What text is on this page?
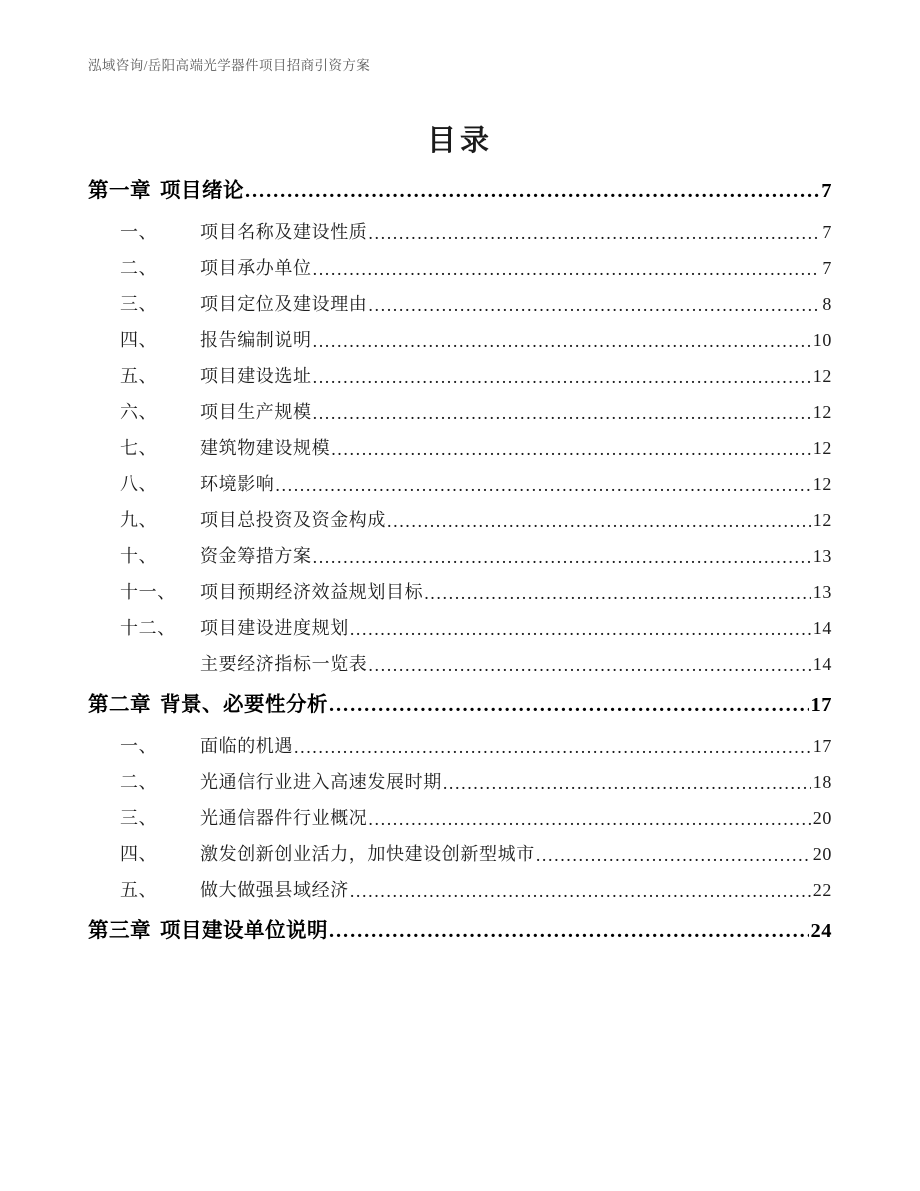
泓域咨询/岳阳高端光学器件项目招商引资方案
目录
第一章 项目绪论 .....	7
一、	项目名称及建设性质 .....	7
二、	项目承办单位 .....	7
三、	项目定位及建设理由 .....	8
四、	报告编制说明 .....	10
五、	项目建设选址 .....	12
六、	项目生产规模 .....	12
七、	建筑物建设规模 .....	12
八、	环境影响 .....	12
九、	项目总投资及资金构成 .....	12
十、	资金筹措方案 .....	13
十一、	项目预期经济效益规划目标 .....	13
十二、	项目建设进度规划 .....	14
主要经济指标一览表 .....	14
第二章 背景、必要性分析 .....	17
一、	面临的机遇 .....	17
二、	光通信行业进入高速发展时期 .....	18
三、	光通信器件行业概况 .....	20
四、	激发创新创业活力，加快建设创新型城市 .....	20
五、	做大做强县域经济 .....	22
第三章 项目建设单位说明 .....	24
